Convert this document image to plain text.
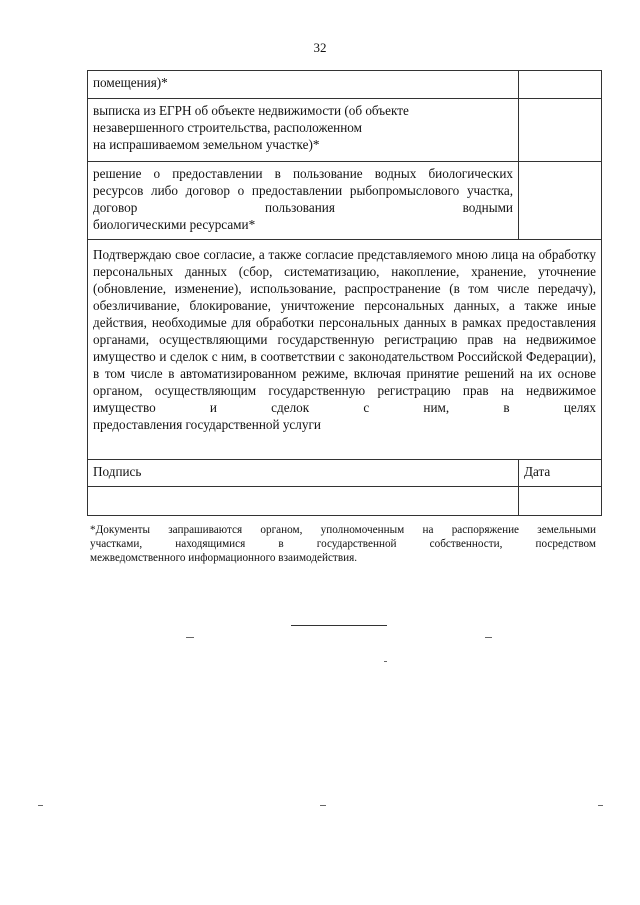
32
помещения)*	

выписка из ЕГРН об объекте недвижимости (об объекте
незавершенного строительства, расположенном
на испрашиваемом земельном участке)*	

решение о предоставлении в пользование водных биологических ресурсов либо договор о предоставлении рыбопромыслового участка, договор пользования водными
биологическими ресурсами*	

Подтверждаю свое согласие, а также согласие представляемого мною лица на обработку персональных данных (сбор, систематизацию, накопление, хранение, уточнение (обновление, изменение), использование, распространение (в том числе передачу), обезличивание, блокирование, уничтожение персональных данных, а также иные действия, необходимые для обработки персональных данных в рамках предоставления органами, осуществляющими государственную регистрацию прав на недвижимое имущество и сделок с ним, в соответствии с законодательством Российской Федерации), в том числе в автоматизированном режиме, включая принятие решений на их основе органом, осуществляющим государственную регистрацию прав на недвижимое имущество и сделок с ним, в целях
предоставления государственной услуги	

Подпись	Дата

*Документы запрашиваются органом, уполномоченным на распоряжение земельными
участками, находящимися в государственной собственности, посредством
межведомственного информационного взаимодействия.
